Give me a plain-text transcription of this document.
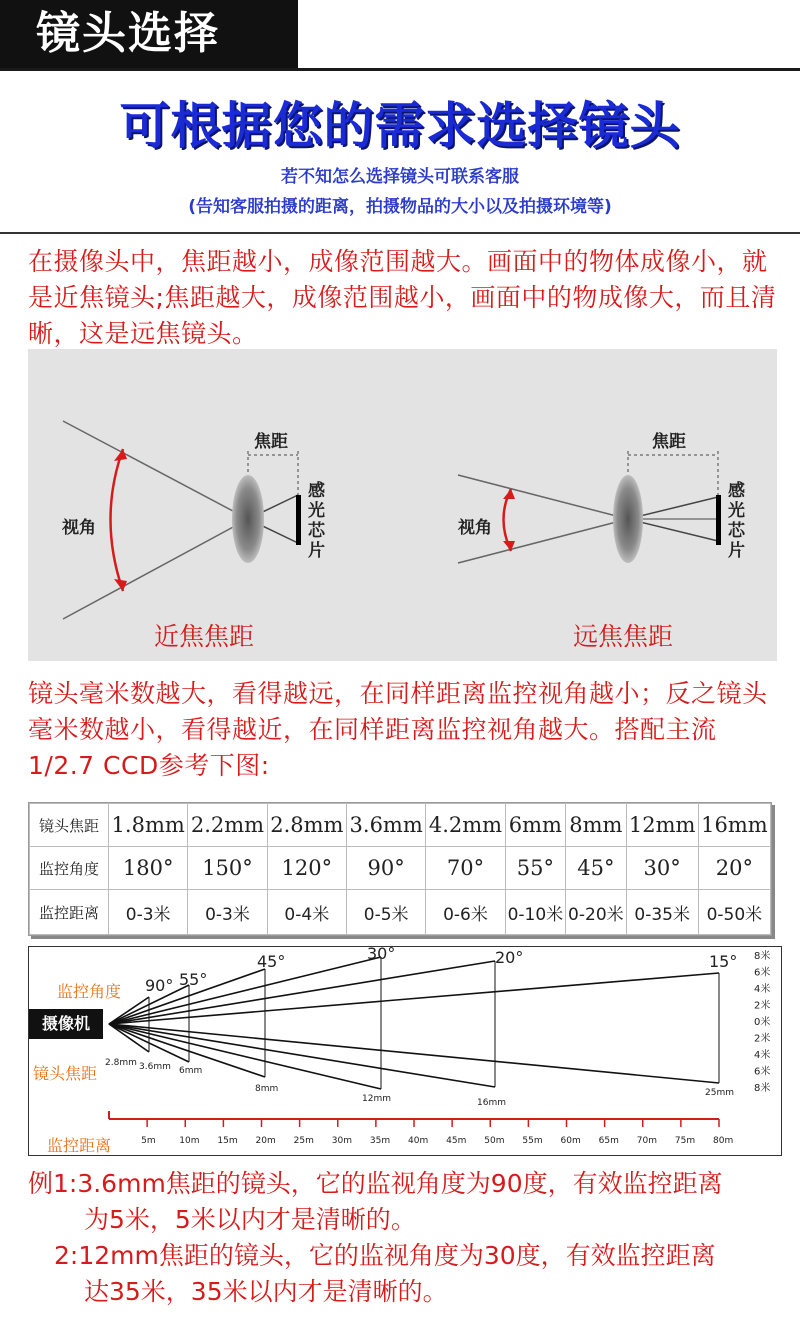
镜头选择
可根据您的需求选择镜头
若不知怎么选择镜头可联系客服
(告知客服拍摄的距离，拍摄物品的大小以及拍摄环境等)
在摄像头中，焦距越小，成像范围越大。画面中的物体成像小，就是近焦镜头;焦距越大，成像范围越小，画面中的物成像大，而且清晰，这是远焦镜头。
焦距
视角
感光芯片
近焦焦距
焦距
视角
感光芯片
远焦焦距
镜头毫米数越大，看得越远，在同样距离监控视角越小；反之镜头毫米数越小，看得越近，在同样距离监控视角越大。搭配主流1/2.7 CCD参考下图:
镜头焦距	1.8mm	2.2mm	2.8mm	3.6mm	4.2mm	6mm	8mm	12mm	16mm
监控角度	180°	150°	120°	90°	70°	55°	45°	30°	20°
监控距离	0-3米	0-3米	0-4米	0-5米	0-6米	0-10米	0-20米	0-35米	0-50米
90° 55°
45°	30°	20°	15°
2.8mm 3.6mm 6mm
8mm
12mm	16mm
25mm
5m	10m 15m 20m 25m 30m 35m 40m 45m 50m 55m 60m 65m 70m 75m 80m
8米
6米
4米
2米
0米
2米
4米
6米
8米
摄像机
监控角度
镜头焦距
监控距离
例1:3.6mm焦距的镜头，它的监视角度为90度，有效监控距离
为5米，5米以内才是清晰的。
2:12mm焦距的镜头，它的监视角度为30度，有效监控距离
达35米，35米以内才是清晰的。
